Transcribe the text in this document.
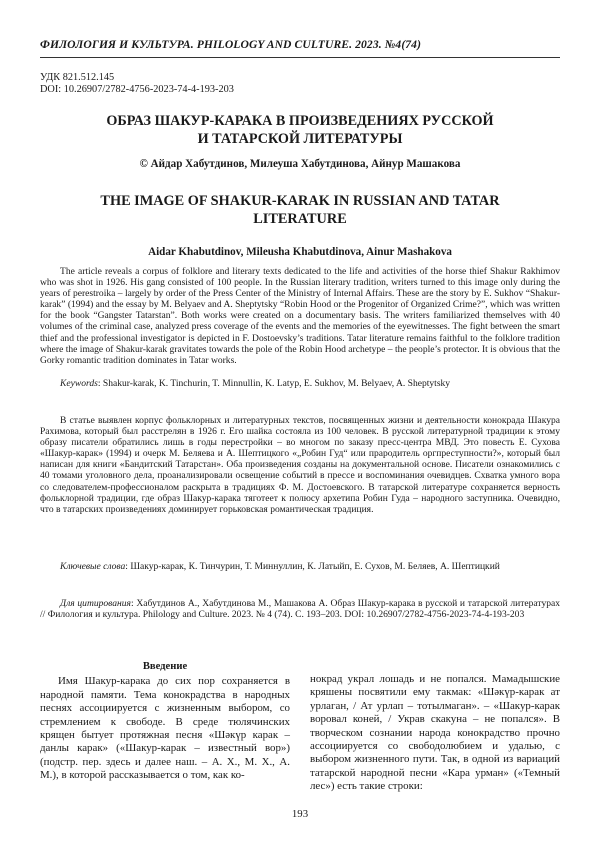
ФИЛОЛОГИЯ И КУЛЬТУРА. PHILOLOGY AND CULTURE. 2023. №4(74)
УДК 821.512.145
DOI: 10.26907/2782-4756-2023-74-4-193-203
ОБРАЗ ШАКУР-КАРАКА В ПРОИЗВЕДЕНИЯХ РУССКОЙ
И ТАТАРСКОЙ ЛИТЕРАТУРЫ
© Айдар Хабутдинов, Милеуша Хабутдинова, Айнур Машакова
THE IMAGE OF SHAKUR-KARAK IN RUSSIAN AND TATAR
LITERATURE
Aidar Khabutdinov, Mileusha Khabutdinova, Ainur Mashakova

The article reveals a corpus of folklore and literary texts dedicated to the life and activities of the horse thief Shakur Rakhimov who was shot in 1926. His gang consisted of 100 people. In the Russian literary tradition, writers turned to this image only during the years of perestroika – largely by order of the Press Center of the Ministry of Internal Affairs. These are the story by E. Sukhov “Shakur-karak” (1994) and the essay by M. Belyaev and A. Sheptytsky “Robin Hood or the Progenitor of Organized Crime?”, which was written for the book “Gangster Tatarstan”. Both works were created on a documentary basis. The writers familiarized themselves with 40 volumes of the criminal case, analyzed press coverage of the events and the memories of the eyewitnesses. The fight between the smart thief and the professional investigator is depicted in F. Dostoevsky’s traditions. Tatar literature remains faithful to the folklore tradition where the image of Shakur-karak gravitates towards the pole of the Robin Hood archetype – the people’s protector. It is obvious that the Gorky romantic tradition dominates in Tatar works.

Keywords: Shakur-karak, K. Tinchurin, T. Minnullin, K. Latyp, E. Sukhov, M. Belyaev, A. Sheptytsky

В статье выявлен корпус фольклорных и литературных текстов, посвященных жизни и деятельности конокрада Шакура Рахимова, который был расстрелян в 1926 г. Его шайка состояла из 100 человек. В русской литературной традиции к этому образу писатели обратились лишь в годы перестройки – во многом по заказу пресс-центра МВД. Это повесть Е. Сухова «Шакур-карак» (1994) и очерк М. Беляева и А. Шептицкого «„Робин Гуд“ или прародитель оргпреступности?», который был написан для книги «Бандитский Татарстан». Оба произведения созданы на документальной основе. Писатели ознакомились с 40 томами уголовного дела, проанализировали освещение событий в прессе и воспоминания очевидцев. Схватка умного вора со следователем-профессионалом раскрыта в традициях Ф. М. Достоевского. В татарской литературе сохраняется верность фольклорной традиции, где образ Шакур-карака тяготеет к полюсу архетипа Робин Гуда – народного заступника. Очевидно, что в татарских произведениях доминирует горьковская романтическая традиция.

Ключевые слова: Шакур-карак, К. Тинчурин, Т. Миннуллин, К. Латыйп, Е. Сухов, М. Беляев, А. Шептицкий

Для цитирования: Хабутдинов А., Хабутдинова М., Машакова А. Образ Шакур-карака в русской и татарской литератураx // Филология и культура. Philology and Culture. 2023. № 4 (74). С. 193–203. DOI: 10.26907/2782-4756-2023-74-4-193-203

Введение

Имя Шакур-карака до сих пор сохраняется в народной памяти. Тема конокрадства в народных песнях ассоциируется с жизненным выбором, со стремлением к свободе. В среде тюлячинских крящен бытует протяжная песня «Шәкүр карак – данлы карак» («Шакур-карак – известный вор») (подстр. пер. здесь и далее наш. – А. Х., М. Х., А. М.), в которой рассказывается о том, как ко-

нокрад украл лошадь и не попался. Мамадышские кряшены посвятили ему такмак: «Шәкүр-карак ат урлаган, / Ат урлап – тотылмаган». – «Шакур-карак воровал коней, / Украв скакуна – не попался». В творческом сознании народа конокрадство прочно ассоциируется со свободолюбием и удалью, с выбором жизненного пути. Так, в одной из вариаций татарской народной песни «Кара урман» («Темный лес») есть такие строки:

193
